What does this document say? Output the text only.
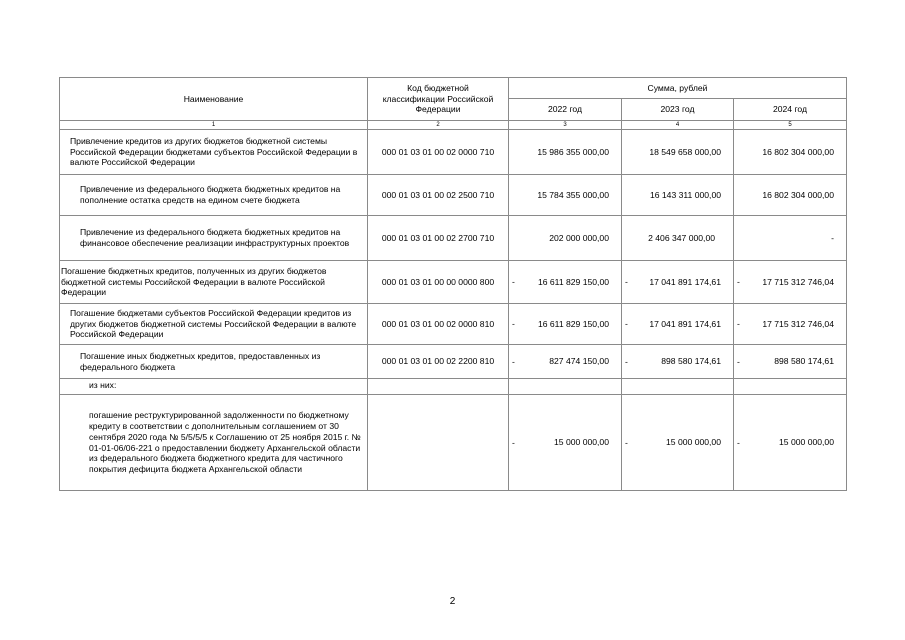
Наименование	Код бюджетной классификации Российской Федерации	Сумма, рублей		
		2022 год	2023 год	2024 год
1	2	3	4	5
Привлечение кредитов из других бюджетов бюджетной системы Российской Федерации бюджетами субъектов Российской Федерации в валюте Российской Федерации	000 01 03 01 00 02 0000 710	15 986 355 000,00	18 549 658 000,00	16 802 304 000,00
Привлечение из федерального бюджета бюджетных кредитов на пополнение остатка средств на едином счете бюджета	000 01 03 01 00 02 2500 710	15 784 355 000,00	16 143 311 000,00	16 802 304 000,00
Привлечение из федерального бюджета бюджетных кредитов на финансовое обеспечение реализации инфраструктурных проектов	000 01 03 01 00 02 2700 710	202 000 000,00	2 406 347 000,00	-
Погашение бюджетных кредитов, полученных из других бюджетов бюджетной системы Российской Федерации в валюте Российской Федерации	000 01 03 01 00 00 0000 800	- 16 611 829 150,00	- 17 041 891 174,61	- 17 715 312 746,04
Погашение бюджетами субъектов Российской Федерации кредитов из других бюджетов бюджетной системы Российской Федерации в валюте Российской Федерации	000 01 03 01 00 02 0000 810	- 16 611 829 150,00	- 17 041 891 174,61	- 17 715 312 746,04
Погашение иных бюджетных кредитов, предоставленных из федерального бюджета	000 01 03 01 00 02 2200 810	- 827 474 150,00	- 898 580 174,61	- 898 580 174,61
из них:				
погашение реструктурированной задолженности по бюджетному кредиту в соответствии с дополнительным соглашением от 30 сентября 2020 года № 5/5/5/5 к Соглашению от 25 ноября 2015 г. № 01-01-06/06-221 о предоставлении бюджету Архангельской области из федерального бюджета бюджетного кредита для частичного покрытия дефицита бюджета Архангельской области		- 15 000 000,00	- 15 000 000,00	- 15 000 000,00
2
